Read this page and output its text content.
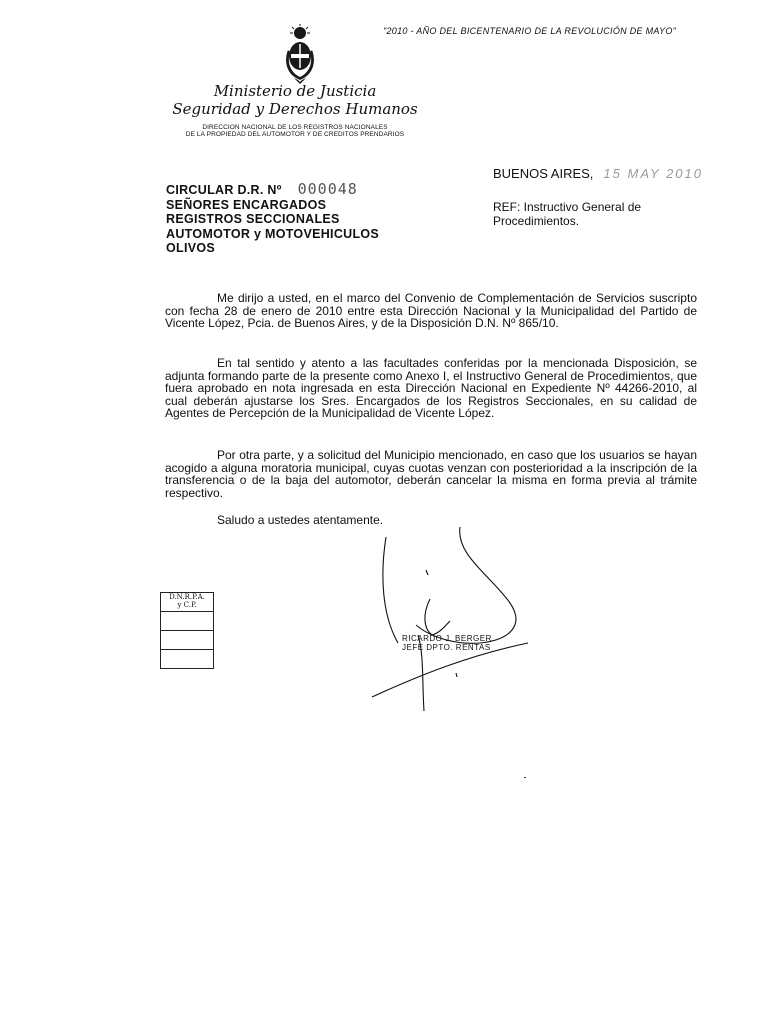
"2010 - AÑO DEL BICENTENARIO DE LA REVOLUCIÓN DE MAYO"
Ministerio de Justicia
Seguridad y Derechos Humanos
DIRECCION NACIONAL DE LOS REGISTROS NACIONALES
DE LA PROPIEDAD DEL AUTOMOTOR Y DE CREDITOS PRENDARIOS
BUENOS AIRES, 15 MAY 2010
CIRCULAR D.R. Nº 000048
SEÑORES ENCARGADOS
REGISTROS SECCIONALES
AUTOMOTOR y MOTOVEHICULOS
OLIVOS
REF: Instructivo General de
Procedimientos.
Me dirijo a usted, en el marco del Convenio de Complementación de Servicios suscripto con fecha 28 de enero de 2010 entre esta Dirección Nacional y la Municipalidad del Partido de Vicente López, Pcia. de Buenos Aires, y de la Disposición D.N. Nº 865/10.
En tal sentido y atento a las facultades conferidas por la mencionada Disposición, se adjunta formando parte de la presente como Anexo I, el Instructivo General de Procedimientos, que fuera aprobado en nota ingresada en esta Dirección Nacional en Expediente Nº 44266-2010, al cual deberán ajustarse los Sres. Encargados de los Registros Seccionales, en su calidad de Agentes de Percepción de la Municipalidad de Vicente López.
Por otra parte, y a solicitud del Municipio mencionado, en caso que los usuarios se hayan acogido a alguna moratoria municipal, cuyas cuotas venzan con posterioridad a la inscripción de la transferencia o de la baja del automotor, deberán cancelar la misma en forma previa al trámite respectivo.
Saludo a ustedes atentamente.
D.N.R.P.A.
y C.P.
RICARDO J. BERGER
JEFE DPTO. RENTAS
